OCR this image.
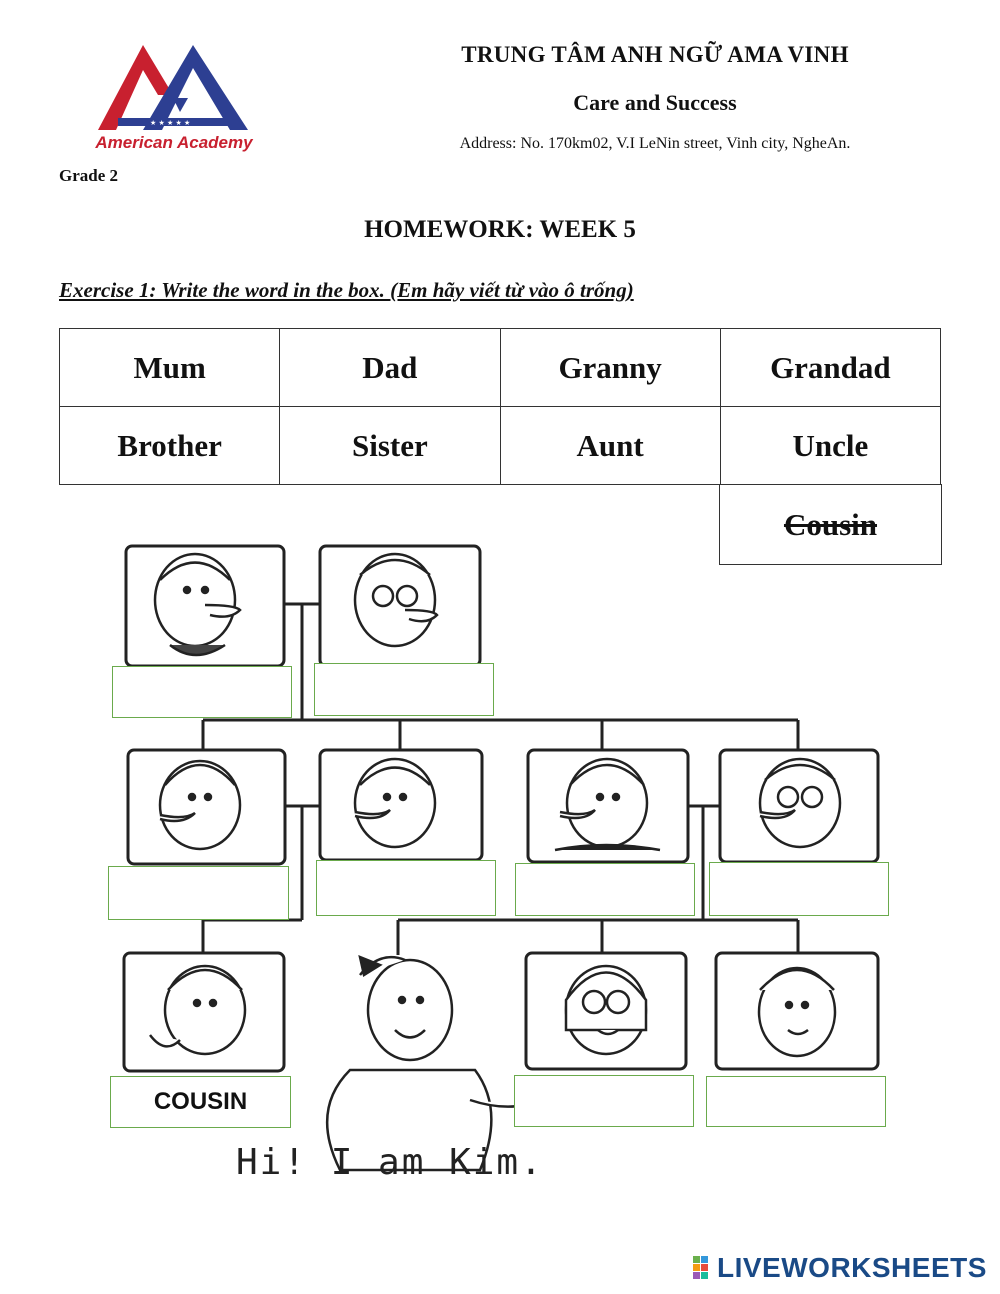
★ ★ ★ ★ ★
American Academy
TRUNG TÂM ANH NGỮ AMA VINH
Care and Success
Address: No. 170km02, V.I LeNin street, Vinh city, NgheAn.
Grade 2
HOMEWORK: WEEK 5
Exercise 1: Write the word in the box. (Em hãy viết từ vào ô trống)
Mum	Dad	Granny	Grandad
Brother	Sister	Aunt	Uncle
Cousin
COUSIN
Hi! I am Kim.
LIVEWORKSHEETS
